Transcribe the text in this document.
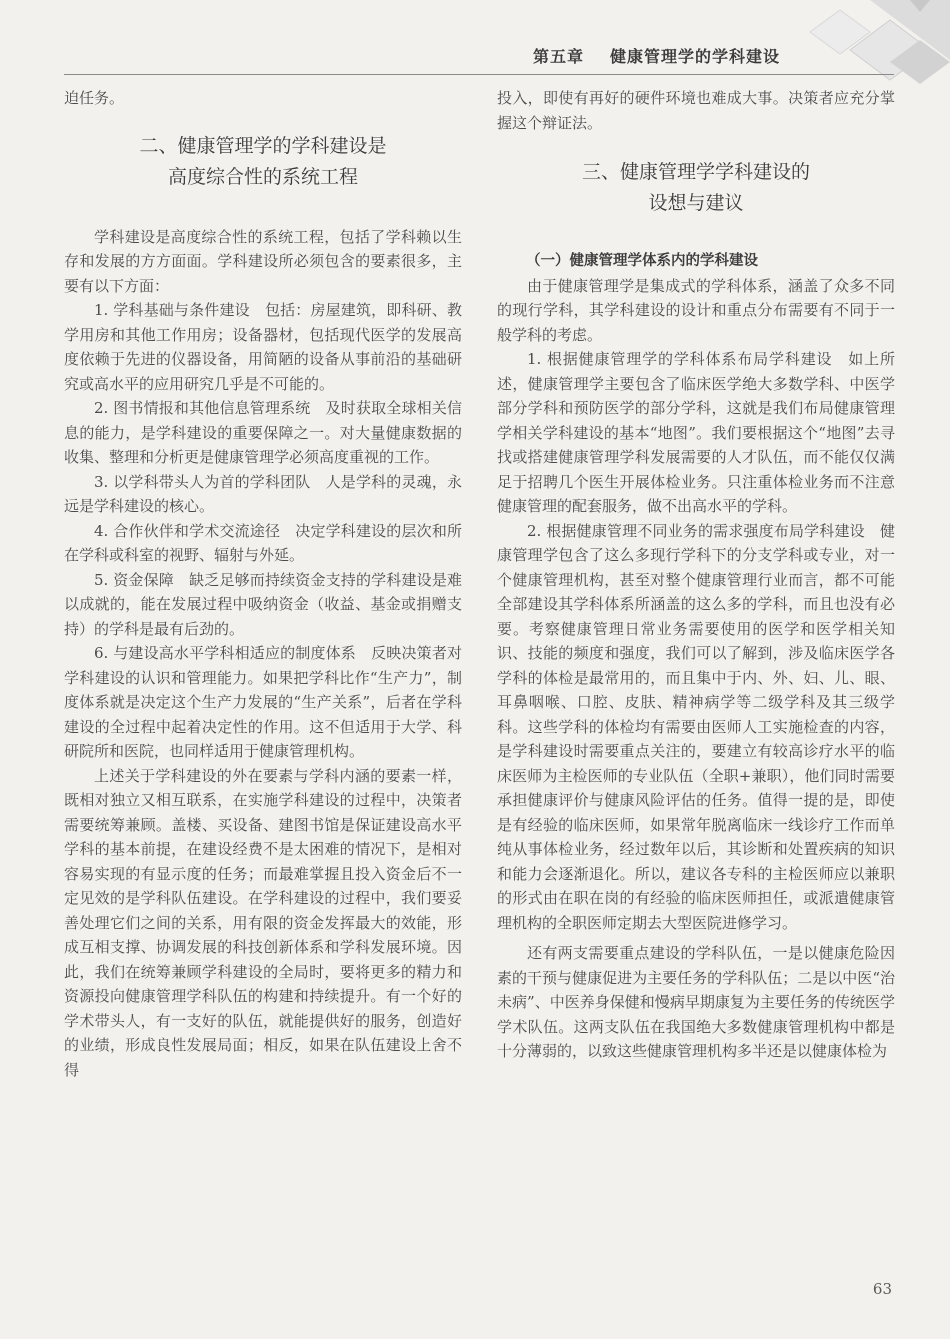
第五章 健康管理学的学科建设

迫任务。

二、健康管理学的学科建设是

高度综合性的系统工程

学科建设是高度综合性的系统工程，包括了学科赖以生存和发展的方方面面。学科建设所必须包含的要素很多，主要有以下方面：

1. 学科基础与条件建设　包括：房屋建筑，即科研、教学用房和其他工作用房；设备器材，包括现代医学的发展高度依赖于先进的仪器设备，用简陋的设备从事前沿的基础研究或高水平的应用研究几乎是不可能的。

2. 图书情报和其他信息管理系统　及时获取全球相关信息的能力，是学科建设的重要保障之一。对大量健康数据的收集、整理和分析更是健康管理学必须高度重视的工作。

3. 以学科带头人为首的学科团队　人是学科的灵魂，永远是学科建设的核心。

4. 合作伙伴和学术交流途径　决定学科建设的层次和所在学科或科室的视野、辐射与外延。

5. 资金保障　缺乏足够而持续资金支持的学科建设是难以成就的，能在发展过程中吸纳资金（收益、基金或捐赠支持）的学科是最有后劲的。

6. 与建设高水平学科相适应的制度体系　反映决策者对学科建设的认识和管理能力。如果把学科比作“生产力”，制度体系就是决定这个生产力发展的“生产关系”，后者在学科建设的全过程中起着决定性的作用。这不但适用于大学、科研院所和医院，也同样适用于健康管理机构。

上述关于学科建设的外在要素与学科内涵的要素一样，既相对独立又相互联系，在实施学科建设的过程中，决策者需要统筹兼顾。盖楼、买设备、建图书馆是保证建设高水平学科的基本前提，在建设经费不是太困难的情况下，是相对容易实现的有显示度的任务；而最难掌握且投入资金后不一定见效的是学科队伍建设。在学科建设的过程中，我们要妥善处理它们之间的关系，用有限的资金发挥最大的效能，形成互相支撑、协调发展的科技创新体系和学科发展环境。因此，我们在统筹兼顾学科建设的全局时，要将更多的精力和资源投向健康管理学科队伍的构建和持续提升。有一个好的学术带头人，有一支好的队伍，就能提供好的服务，创造好的业绩，形成良性发展局面；相反，如果在队伍建设上舍不得

投入，即使有再好的硬件环境也难成大事。决策者应充分掌握这个辩证法。

三、健康管理学学科建设的

设想与建议

（一）健康管理学体系内的学科建设

由于健康管理学是集成式的学科体系，涵盖了众多不同的现行学科，其学科建设的设计和重点分布需要有不同于一般学科的考虑。

1. 根据健康管理学的学科体系布局学科建设　如上所述，健康管理学主要包含了临床医学绝大多数学科、中医学部分学科和预防医学的部分学科，这就是我们布局健康管理学相关学科建设的基本“地图”。我们要根据这个“地图”去寻找或搭建健康管理学科发展需要的人才队伍，而不能仅仅满足于招聘几个医生开展体检业务。只注重体检业务而不注意健康管理的配套服务，做不出高水平的学科。

2. 根据健康管理不同业务的需求强度布局学科建设　健康管理学包含了这么多现行学科下的分支学科或专业，对一个健康管理机构，甚至对整个健康管理行业而言，都不可能全部建设其学科体系所涵盖的这么多的学科，而且也没有必要。考察健康管理日常业务需要使用的医学和医学相关知识、技能的频度和强度，我们可以了解到，涉及临床医学各学科的体检是最常用的，而且集中于内、外、妇、儿、眼、耳鼻咽喉、口腔、皮肤、精神病学等二级学科及其三级学科。这些学科的体检均有需要由医师人工实施检查的内容，是学科建设时需要重点关注的，要建立有较高诊疗水平的临床医师为主检医师的专业队伍（全职+兼职），他们同时需要承担健康评价与健康风险评估的任务。值得一提的是，即使是有经验的临床医师，如果常年脱离临床一线诊疗工作而单纯从事体检业务，经过数年以后，其诊断和处置疾病的知识和能力会逐渐退化。所以，建议各专科的主检医师应以兼职的形式由在职在岗的有经验的临床医师担任，或派遣健康管理机构的全职医师定期去大型医院进修学习。

还有两支需要重点建设的学科队伍，一是以健康危险因素的干预与健康促进为主要任务的学科队伍；二是以中医“治未病”、中医养身保健和慢病早期康复为主要任务的传统医学学术队伍。这两支队伍在我国绝大多数健康管理机构中都是十分薄弱的，以致这些健康管理机构多半还是以健康体检为

63
